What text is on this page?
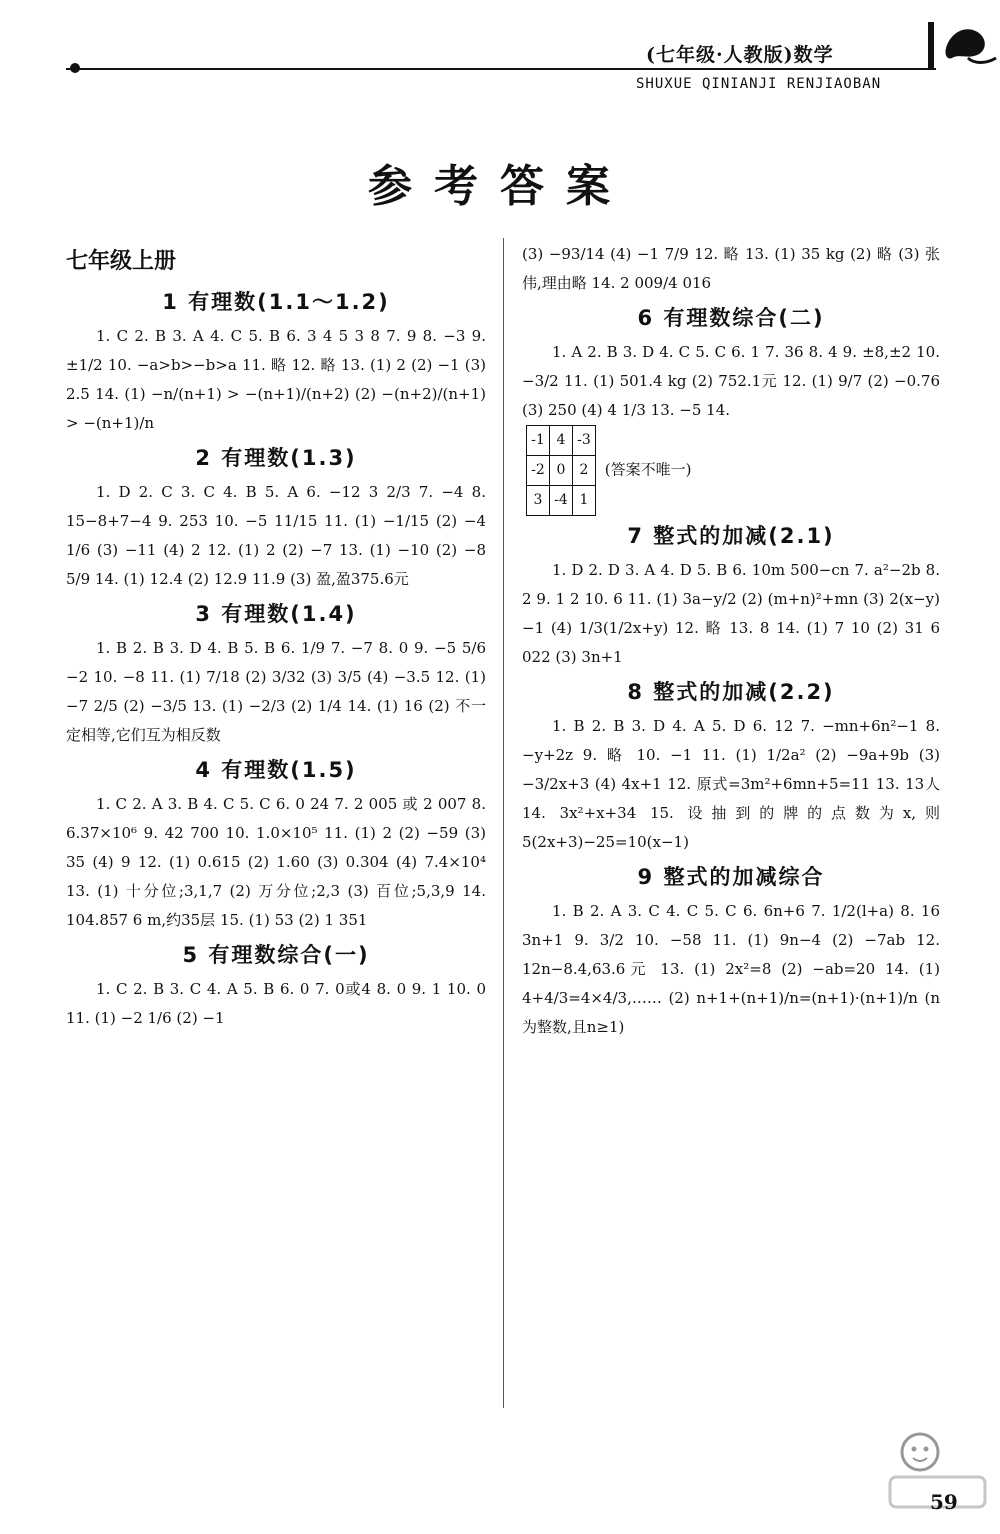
(七年级·人教版)数学
SHUXUE QINIANJI RENJIAOBAN
参考答案
七年级上册
1 有理数(1.1～1.2)

1. C 2. B 3. A 4. C 5. B 6. 3 4 5 3 8 7. 9 8. −3 9. ±1/2 10. −a>b>−b>a 11. 略 12. 略 13. (1) 2 (2) −1 (3) 2.5 14. (1) −n/(n+1) > −(n+1)/(n+2) (2) −(n+2)/(n+1) > −(n+1)/n

2 有理数(1.3)

1. D 2. C 3. C 4. B 5. A 6. −12 3 2/3 7. −4 8. 15−8+7−4 9. 253 10. −5 11/15 11. (1) −1/15 (2) −4 1/6 (3) −11 (4) 2 12. (1) 2 (2) −7 13. (1) −10 (2) −8 5/9 14. (1) 12.4 (2) 12.9 11.9 (3) 盈,盈375.6元

3 有理数(1.4)

1. B 2. B 3. D 4. B 5. B 6. 1/9 7. −7 8. 0 9. −5 5/6 −2 10. −8 11. (1) 7/18 (2) 3/32 (3) 3/5 (4) −3.5 12. (1) −7 2/5 (2) −3/5 13. (1) −2/3 (2) 1/4 14. (1) 16 (2) 不一定相等,它们互为相反数

4 有理数(1.5)

1. C 2. A 3. B 4. C 5. C 6. 0 24 7. 2 005 或 2 007 8. 6.37×10⁶ 9. 42 700 10. 1.0×10⁵ 11. (1) 2 (2) −59 (3) 35 (4) 9 12. (1) 0.615 (2) 1.60 (3) 0.304 (4) 7.4×10⁴ 13. (1) 十分位;3,1,7 (2) 万分位;2,3 (3) 百位;5,3,9 14. 104.857 6 m,约35层 15. (1) 53 (2) 1 351

5 有理数综合(一)

1. C 2. B 3. C 4. A 5. B 6. 0 7. 0或4 8. 0 9. 1 10. 0 11. (1) −2 1/6 (2) −1

(3) −93/14 (4) −1 7/9 12. 略 13. (1) 35 kg (2) 略 (3) 张伟,理由略 14. 2 009/4 016

6 有理数综合(二)

1. A 2. B 3. D 4. C 5. C 6. 1 7. 36 8. 4 9. ±8,±2 10. −3/2 11. (1) 501.4 kg (2) 752.1元 12. (1) 9/7 (2) −0.76 (3) 250 (4) 4 1/3 13. −5 14.

-1	4	-3
-2	0	2
3	-4	1 (答案不唯一)

7 整式的加减(2.1)

1. D 2. D 3. A 4. D 5. B 6. 10m 500−cn 7. a²−2b 8. 2 9. 1 2 10. 6 11. (1) 3a−y/2 (2) (m+n)²+mn (3) 2(x−y)−1 (4) 1/3(1/2x+y) 12. 略 13. 8 14. (1) 7 10 (2) 31 6 022 (3) 3n+1

8 整式的加减(2.2)

1. B 2. B 3. D 4. A 5. D 6. 12 7. −mn+6n²−1 8. −y+2z 9. 略 10. −1 11. (1) 1/2a² (2) −9a+9b (3) −3/2x+3 (4) 4x+1 12. 原式=3m²+6mn+5=11 13. 13人 14. 3x²+x+34 15. 设抽到的牌的点数为x,则5(2x+3)−25=10(x−1)

9 整式的加减综合

1. B 2. A 3. C 4. C 5. C 6. 6n+6 7. 1/2(l+a) 8. 16 3n+1 9. 3/2 10. −58 11. (1) 9n−4 (2) −7ab 12. 12n−8.4,63.6元 13. (1) 2x²=8 (2) −ab=20 14. (1) 4+4/3=4×4/3,…… (2) n+1+(n+1)/n=(n+1)·(n+1)/n (n为整数,且n≥1)

59
